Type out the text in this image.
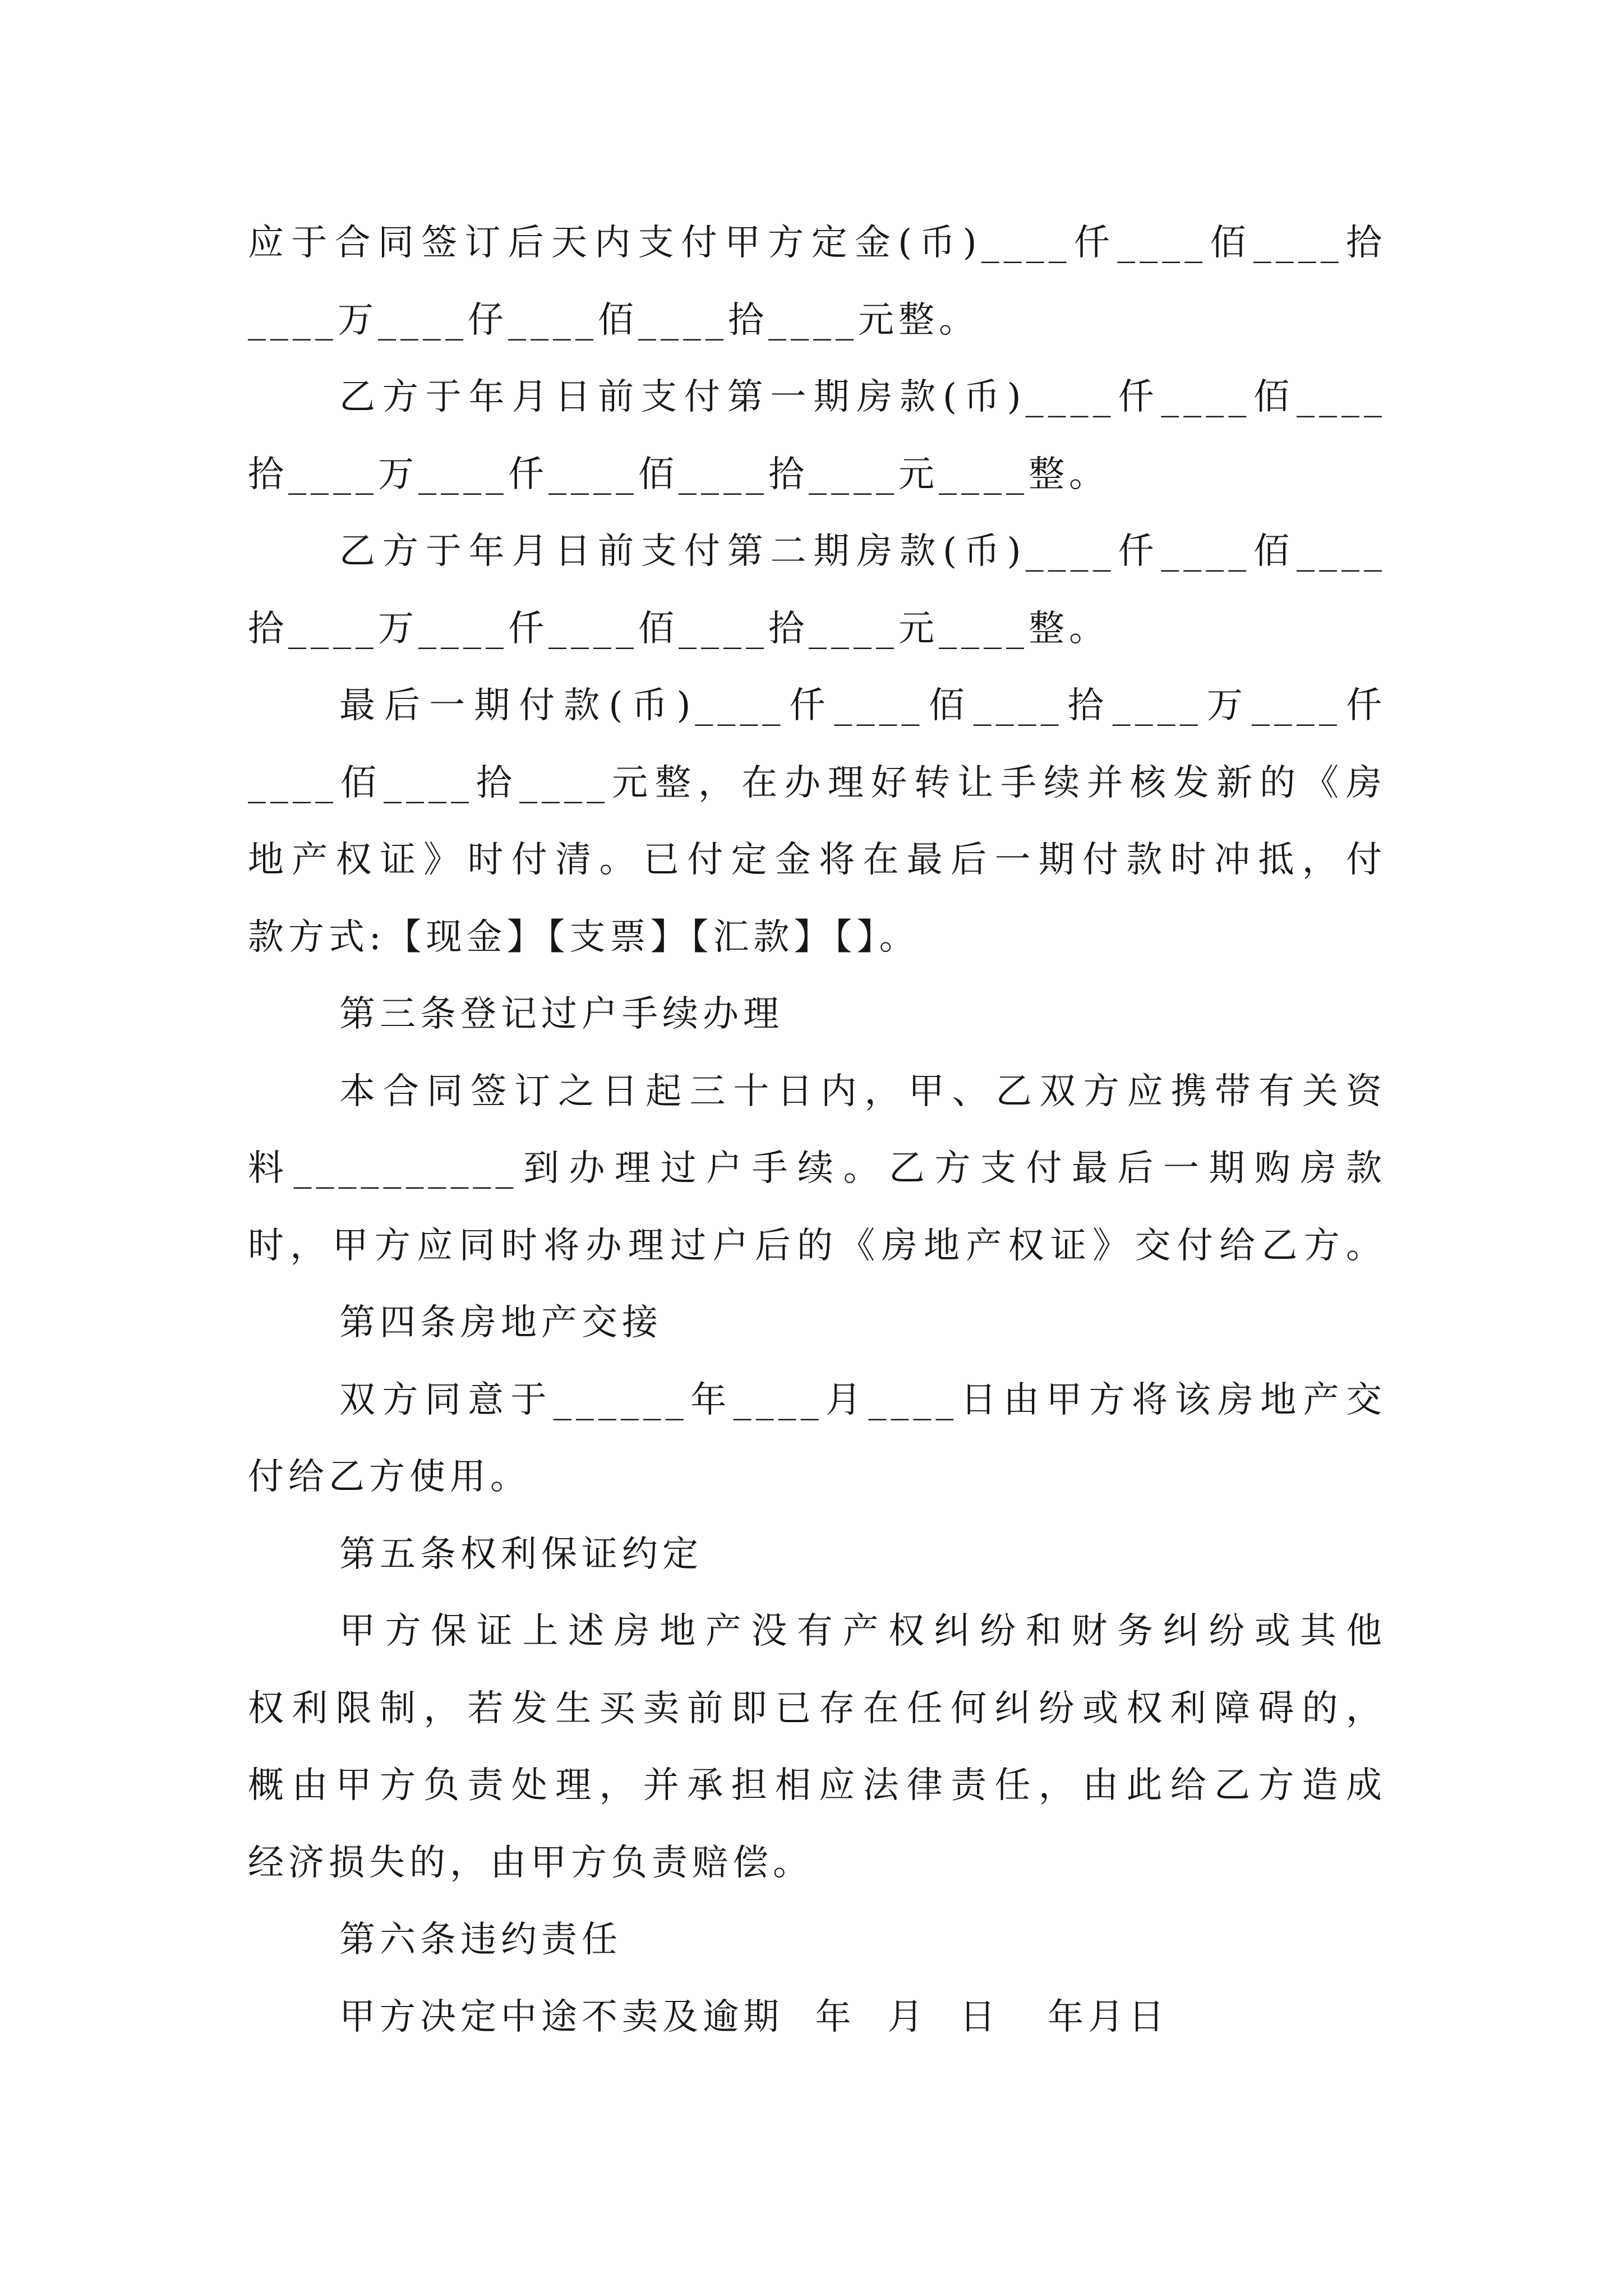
应于合同签订后天内支付甲方定金(币)____仟____佰____拾
____万____仔____佰____拾____元整。
乙方于年月日前支付第一期房款(币)____仟____佰____
拾____万____仟____佰____拾____元____整。
乙方于年月日前支付第二期房款(币)____仟____佰____
拾____万____仟____佰____拾____元____整。
最后一期付款(币)____仟____佰____拾____万____仟
____佰____拾____元整，在办理好转让手续并核发新的《房
地产权证》时付清。已付定金将在最后一期付款时冲抵，付
款方式:【现金】【支票】【汇款】【】。
第三条登记过户手续办理
本合同签订之日起三十日内，甲、乙双方应携带有关资
料__________到办理过户手续。乙方支付最后一期购房款
时，甲方应同时将办理过户后的《房地产权证》交付给乙方。
第四条房地产交接
双方同意于______年____月____日由甲方将该房地产交
付给乙方使用。
第五条权利保证约定
甲方保证上述房地产没有产权纠纷和财务纠纷或其他
权利限制，若发生买卖前即已存在任何纠纷或权利障碍的，
概由甲方负责处理，并承担相应法律责任，由此给乙方造成
经济损失的，由甲方负责赔偿。
第六条违约责任
甲方决定中途不卖及逾期  年  月  日   年月日
